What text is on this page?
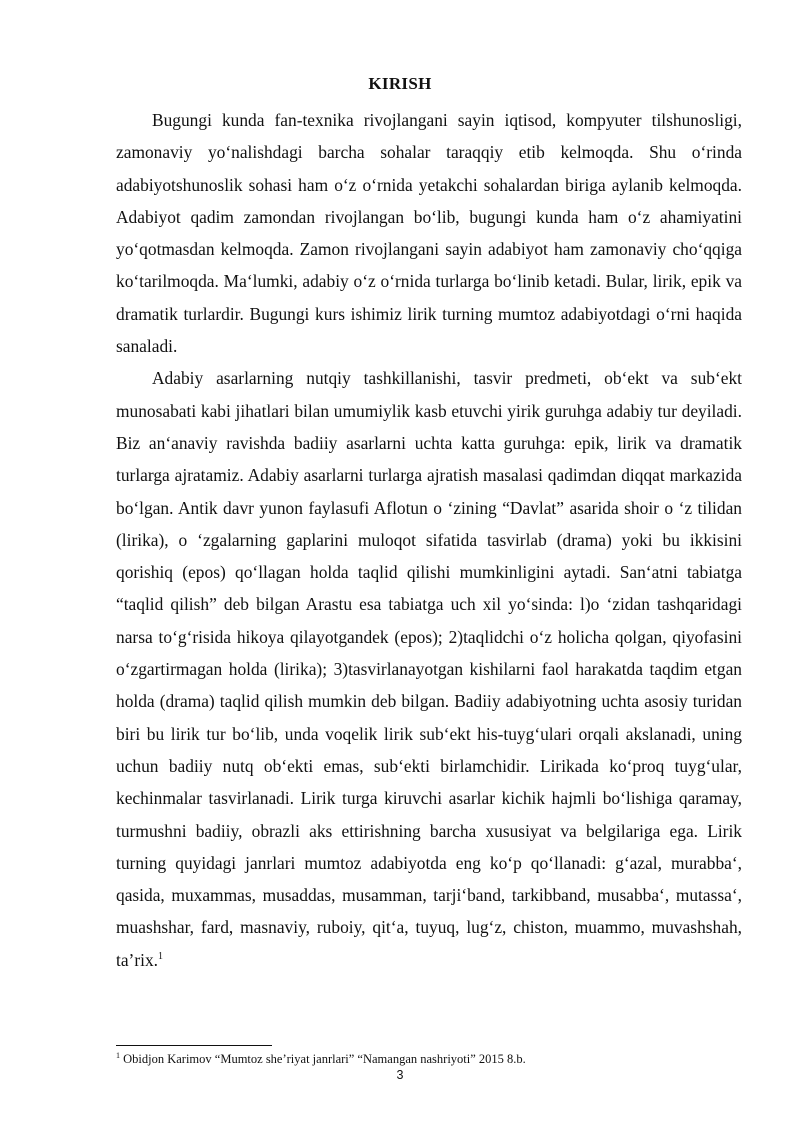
KIRISH

Bugungi kunda fan-texnika rivojlangani sayin iqtisod, kompyuter tilshunosligi, zamonaviy yo‘nalishdagi barcha sohalar taraqqiy etib kelmoqda. Shu o‘rinda adabiyotshunoslik sohasi ham o‘z o‘rnida yetakchi sohalardan biriga aylanib kelmoqda. Adabiyot qadim zamondan rivojlangan bo‘lib, bugungi kunda ham o‘z ahamiyatini yo‘qotmasdan kelmoqda. Zamon rivojlangani sayin adabiyot ham zamonaviy cho‘qqiga ko‘tarilmoqda. Ma‘lumki, adabiy o‘z o‘rnida turlarga bo‘linib ketadi. Bular, lirik, epik va dramatik turlardir. Bugungi kurs ishimiz lirik turning mumtoz adabiyotdagi o‘rni haqida sanaladi.

Adabiy asarlarning nutqiy tashkillanishi, tasvir predmeti, ob‘ekt va sub‘ekt munosabati kabi jihatlari bilan umumiylik kasb etuvchi yirik guruhga adabiy tur deyiladi. Biz an‘anaviy ravishda badiiy asarlarni uchta katta guruhga: epik, lirik va dramatik turlarga ajratamiz. Adabiy asarlarni turlarga ajratish masalasi qadimdan diqqat markazida bo‘lgan. Antik davr yunon faylasufi Aflotun o ‘zining “Davlat” asarida shoir o ‘z tilidan (lirika), o ‘zgalarning gaplarini muloqot sifatida tasvirlab (drama) yoki bu ikkisini qorishiq (epos) qo‘llagan holda taqlid qilishi mumkinligini aytadi. San‘atni tabiatga “taqlid qilish” deb bilgan Arastu esa tabiatga uch xil yo‘sinda: l)o ‘zidan tashqaridagi narsa to‘g‘risida hikoya qilayotgandek (epos); 2)taqlidchi o‘z holicha qolgan, qiyofasini o‘zgartirmagan holda (lirika); 3)tasvirlanayotgan kishilarni faol harakatda taqdim etgan holda (drama) taqlid qilish mumkin deb bilgan. Badiiy adabiyotning uchta asosiy turidan biri bu lirik tur bo‘lib, unda voqelik lirik sub‘ekt his-tuyg‘ulari orqali akslanadi, uning uchun badiiy nutq ob‘ekti emas, sub‘ekti birlamchidir. Lirikada ko‘proq tuyg‘ular, kechinmalar tasvirlanadi. Lirik turga kiruvchi asarlar kichik hajmli bo‘lishiga qaramay, turmushni badiiy, obrazli aks ettirishning barcha xususiyat va belgilariga ega. Lirik turning quyidagi janrlari mumtoz adabiyotda eng ko‘p qo‘llanadi: g‘azal, murabba‘, qasida, muxammas, musaddas, musamman, tarji‘band, tarkibband, musabba‘, mutassa‘, muashshar, fard, masnaviy, ruboiy, qit‘a, tuyuq, lug‘z, chiston, muammo, muvashshah, ta’rix.$^1$

$^1$ Obidjon Karimov “Mumtoz she’riyat janrlari” “Namangan nashriyoti” 2015 8.b.
3
